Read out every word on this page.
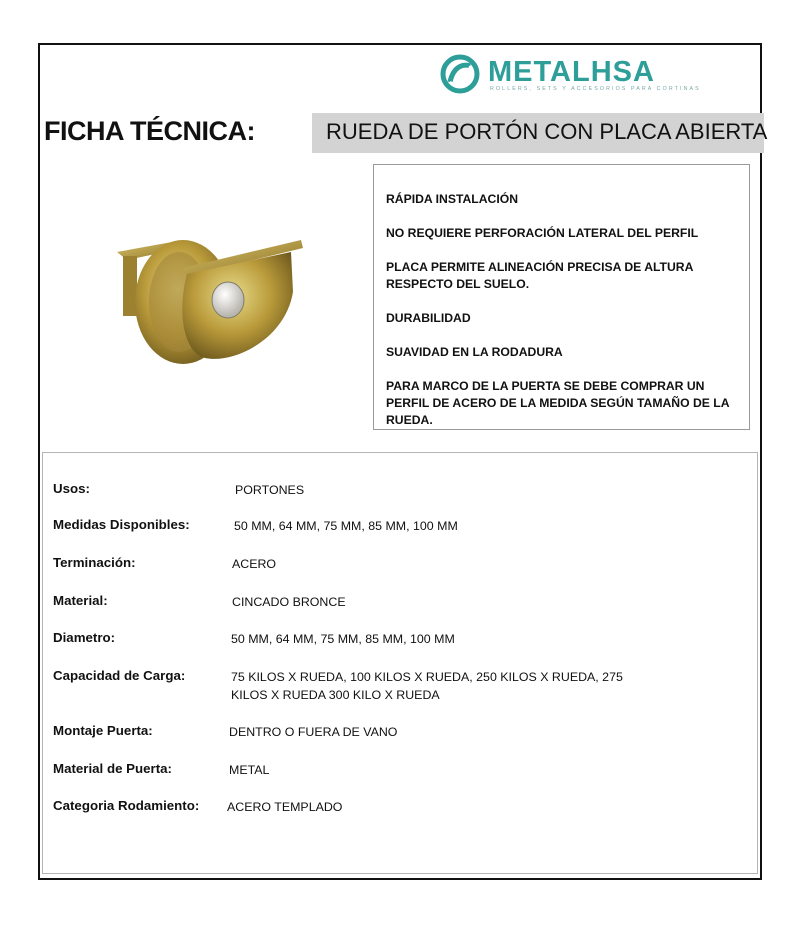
METALHSA
ROLLERS, SETS Y ACCESORIOS PARA CORTINAS
FICHA TÉCNICA:	RUEDA DE PORTÓN CON PLACA ABIERTA
RÁPIDA INSTALACIÓN
NO REQUIERE PERFORACIÓN LATERAL DEL PERFIL
PLACA PERMITE ALINEACIÓN PRECISA DE ALTURA RESPECTO DEL SUELO.
DURABILIDAD
SUAVIDAD EN LA RODADURA
PARA MARCO DE LA PUERTA SE DEBE COMPRAR UN PERFIL DE ACERO DE LA MEDIDA SEGÚN TAMAÑO DE LA RUEDA.
Usos:	PORTONES
Medidas Disponibles:	50 MM, 64 MM, 75 MM, 85 MM, 100 MM
Terminación:	ACERO
Material:	CINCADO BRONCE
Diametro:	50 MM, 64 MM, 75 MM, 85 MM, 100 MM
Capacidad de Carga:	75 KILOS X RUEDA, 100 KILOS X RUEDA, 250 KILOS X RUEDA, 275 KILOS X RUEDA 300 KILO X RUEDA
Montaje Puerta:	DENTRO O FUERA DE VANO
Material de Puerta:	METAL
Categoria Rodamiento: ACERO TEMPLADO
